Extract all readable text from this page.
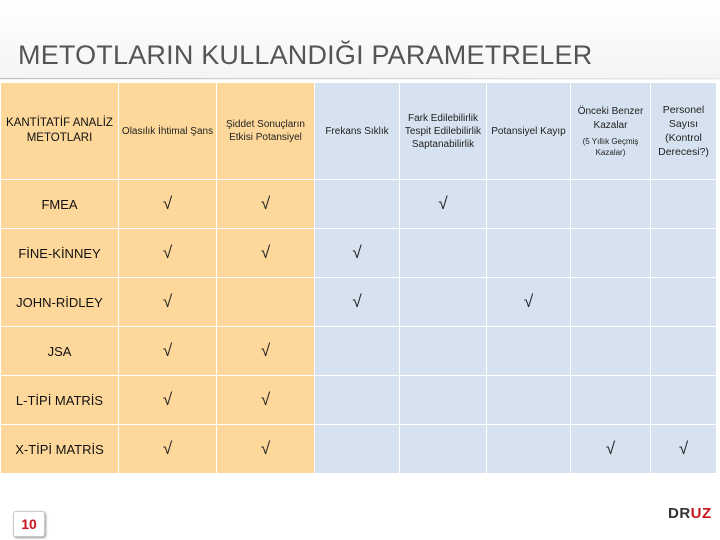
METOTLARIN KULLANDIĞI PARAMETRELER
KANTİTATİF ANALİZ METOTLARI	Olasılık İhtimal Şans	Şiddet Sonuçların Etkisi Potansiyel	Frekans Sıklık	Fark Edilebilirlik Tespit Edilebilirlik Saptanabilirlik	Potansiyel Kayıp	Önceki Benzer Kazalar
(5 Yıllık Geçmiş Kazalar)	Personel Sayısı (Kontrol Derecesi?)
FMEA	√	√		√			
FİNE-KİNNEY	√	√	√				
JOHN-RİDLEY	√		√		√		
JSA	√	√					
L-TİPİ MATRİS	√	√					
X-TİPİ MATRİS	√	√				√	√
10
DRUZ
